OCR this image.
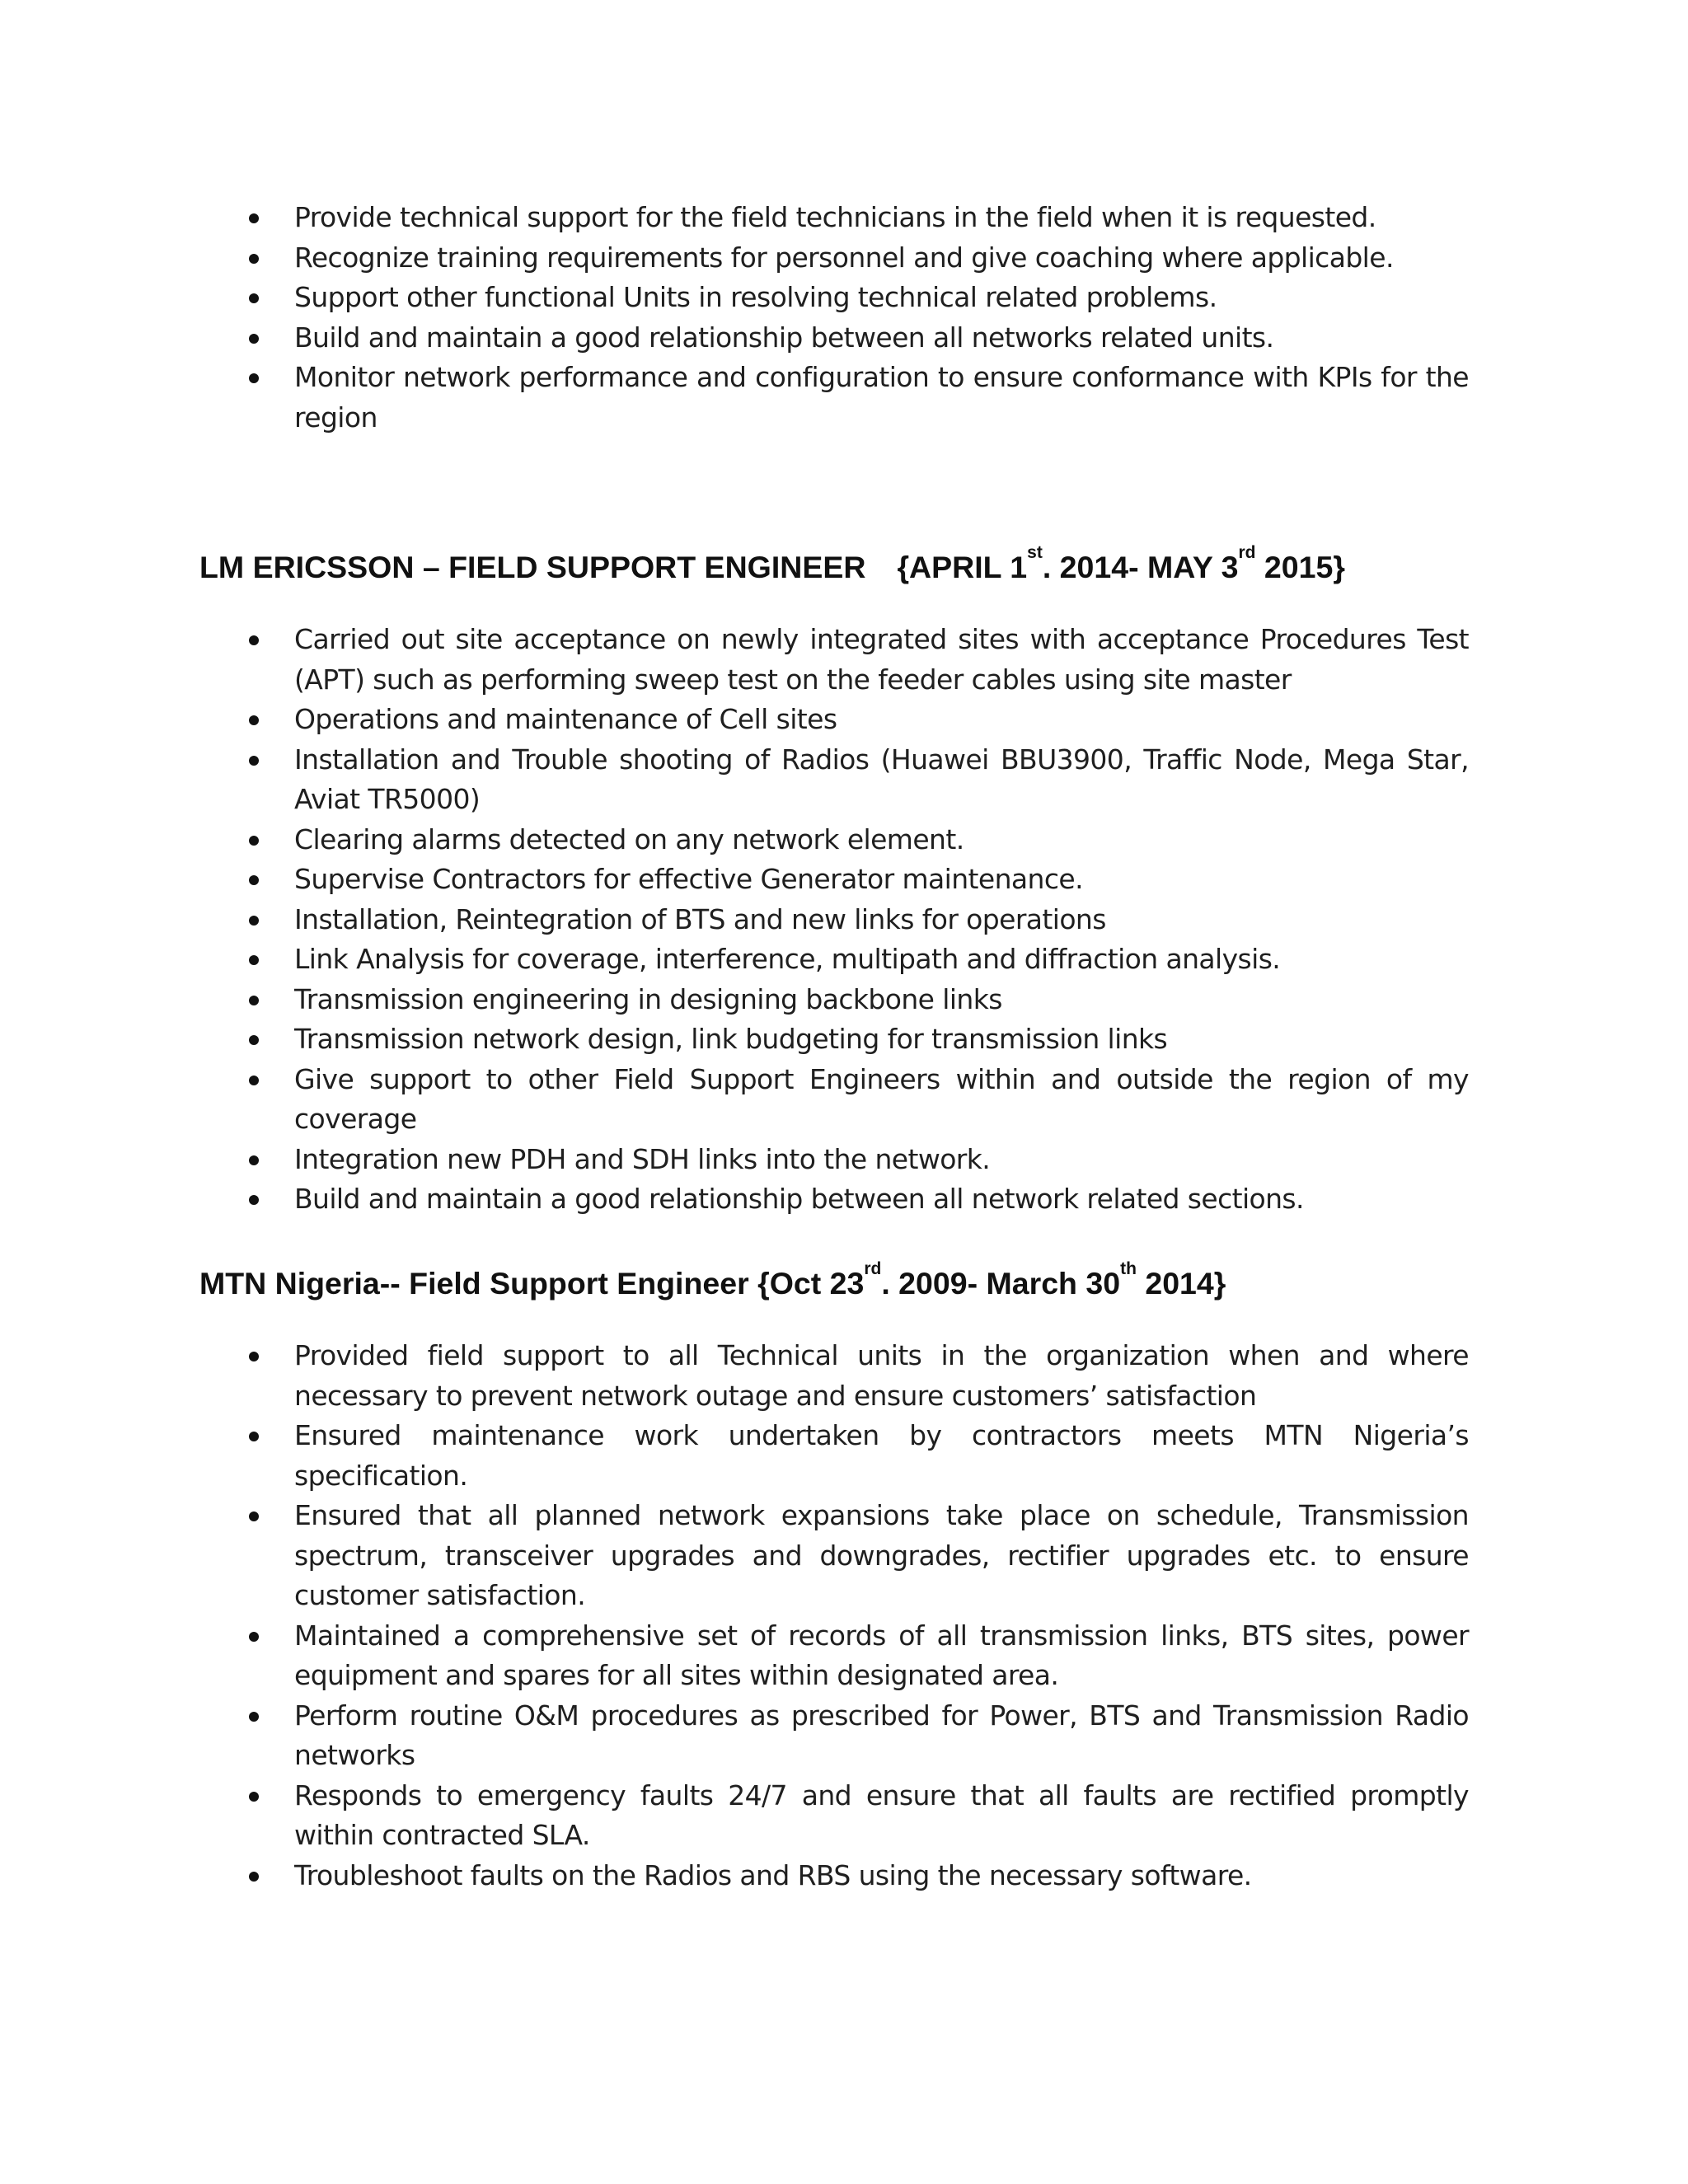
Provide technical support for the field technicians in the field when it is requested.
Recognize training requirements for personnel and give coaching where applicable.
Support other functional Units in resolving technical related problems.
Build and maintain a good relationship between all networks related units.
Monitor network performance and configuration to ensure conformance with KPIs for the region
LM ERICSSON – FIELD SUPPORT ENGINEER {APRIL 1st. 2014- MAY 3rd 2015}
Carried out site acceptance on newly integrated sites with acceptance Procedures Test (APT) such as performing sweep test on the feeder cables using site master
Operations and maintenance of Cell sites
Installation and Trouble shooting of Radios (Huawei BBU3900, Traffic Node, Mega Star, Aviat TR5000)
Clearing alarms detected on any network element.
Supervise Contractors for effective Generator maintenance.
Installation, Reintegration of BTS and new links for operations
Link Analysis for coverage, interference, multipath and diffraction analysis.
Transmission engineering in designing backbone links
Transmission network design, link budgeting for transmission links
Give support to other Field Support Engineers within and outside the region of my coverage
Integration new PDH and SDH links into the network.
Build and maintain a good relationship between all network related sections.
MTN Nigeria-- Field Support Engineer {Oct 23rd. 2009- March 30th 2014}
Provided field support to all Technical units in the organization when and where necessary to prevent network outage and ensure customers’ satisfaction
Ensured maintenance work undertaken by contractors meets MTN Nigeria’s specification.
Ensured that all planned network expansions take place on schedule, Transmission spectrum, transceiver upgrades and downgrades, rectifier upgrades etc. to ensure customer satisfaction.
Maintained a comprehensive set of records of all transmission links, BTS sites, power equipment and spares for all sites within designated area.
Perform routine O&M procedures as prescribed for Power, BTS and Transmission Radio networks
Responds to emergency faults 24/7 and ensure that all faults are rectified promptly within contracted SLA.
Troubleshoot faults on the Radios and RBS using the necessary software.
